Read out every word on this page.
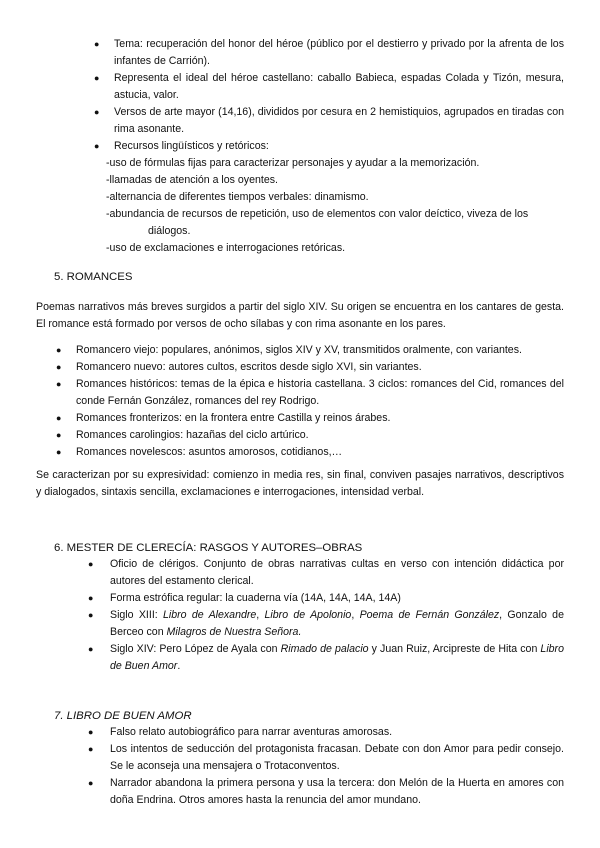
● Tema: recuperación del honor del héroe (público por el destierro y privado por la afrenta de los infantes de Carrión).
● Representa el ideal del héroe castellano: caballo Babieca, espadas Colada y Tizón, mesura, astucia, valor.
● Versos de arte mayor (14,16), divididos por cesura en 2 hemistiquios, agrupados en tiradas con rima asonante.
● Recursos lingüísticos y retóricos:
-uso de fórmulas fijas para caracterizar personajes y ayudar a la memorización.
-llamadas de atención a los oyentes.
-alternancia de diferentes tiempos verbales: dinamismo.
-abundancia de recursos de repetición, uso de elementos con valor deíctico, viveza de los
diálogos.
-uso de exclamaciones e interrogaciones retóricas.
5. ROMANCES
Poemas narrativos más breves surgidos a partir del siglo XIV. Su origen se encuentra en los cantares de gesta. El romance está formado por versos de ocho sílabas y con rima asonante en los pares.
● Romancero viejo: populares, anónimos, siglos XIV y XV, transmitidos oralmente, con variantes.
● Romancero nuevo: autores cultos, escritos desde siglo XVI, sin variantes.
● Romances históricos: temas de la épica e historia castellana. 3 ciclos: romances del Cid, romances del conde Fernán González, romances del rey Rodrigo.
● Romances fronterizos: en la frontera entre Castilla y reinos árabes.
● Romances carolingios: hazañas del ciclo artúrico.
● Romances novelescos: asuntos amorosos, cotidianos,…
Se caracterizan por su expresividad: comienzo in media res, sin final, conviven pasajes narrativos, descriptivos y dialogados, sintaxis sencilla, exclamaciones e interrogaciones, intensidad verbal.
6. MESTER DE CLERECÍA: RASGOS Y AUTORES–OBRAS
● Oficio de clérigos. Conjunto de obras narrativas cultas en verso con intención didáctica por autores del estamento clerical.
● Forma estrófica regular: la cuaderna vía (14A, 14A, 14A, 14A)
● Siglo XIII: Libro de Alexandre, Libro de Apolonio, Poema de Fernán González, Gonzalo de Berceo con Milagros de Nuestra Señora.
● Siglo XIV: Pero López de Ayala con Rimado de palacio y Juan Ruiz, Arcipreste de Hita con Libro de Buen Amor.
7. LIBRO DE BUEN AMOR
● Falso relato autobiográfico para narrar aventuras amorosas.
● Los intentos de seducción del protagonista fracasan. Debate con don Amor para pedir consejo. Se le aconseja una mensajera o Trotaconventos.
● Narrador abandona la primera persona y usa la tercera: don Melón de la Huerta en amores con doña Endrina. Otros amores hasta la renuncia del amor mundano.
